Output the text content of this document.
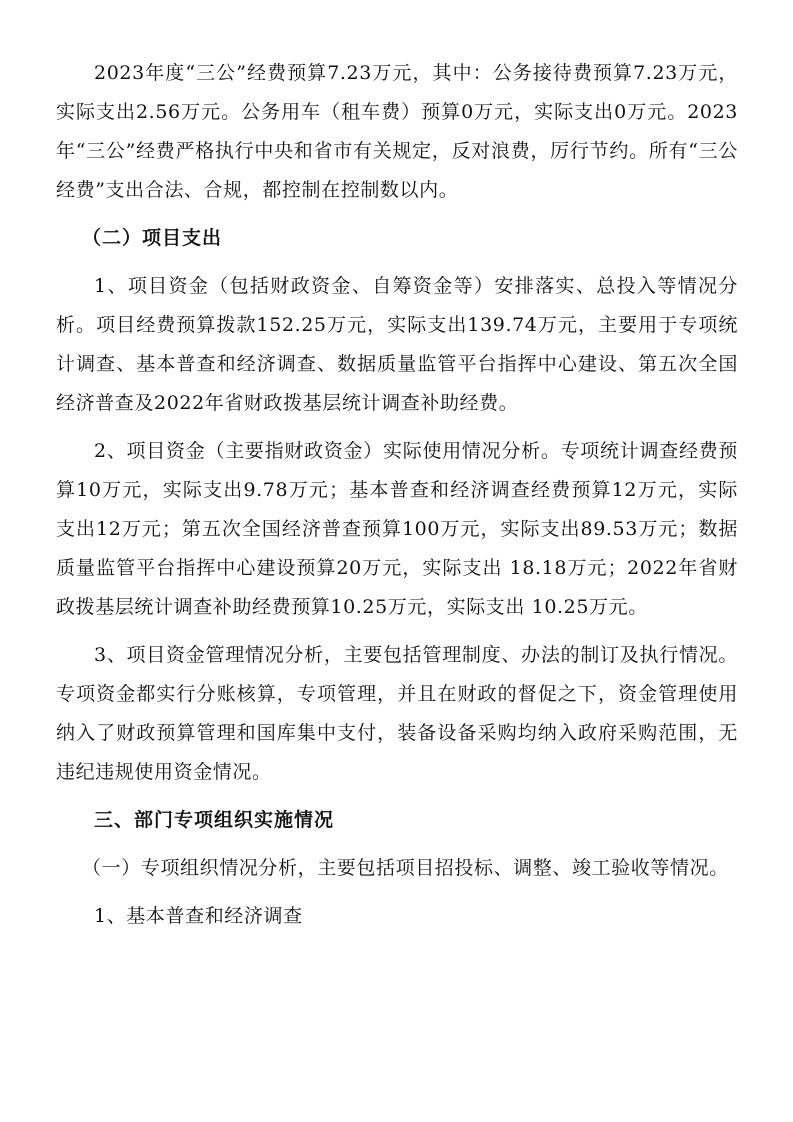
2023年度“三公”经费预算7.23万元，其中：公务接待费预算7.23万元，实际支出2.56万元。公务用车（租车费）预算0万元，实际支出0万元。2023年“三公”经费严格执行中央和省市有关规定，反对浪费，厉行节约。所有“三公经费”支出合法、合规，都控制在控制数以内。

（二）项目支出

1、项目资金（包括财政资金、自筹资金等）安排落实、总投入等情况分析。项目经费预算拨款152.25万元，实际支出139.74万元，主要用于专项统计调查、基本普查和经济调查、数据质量监管平台指挥中心建设、第五次全国经济普查及2022年省财政拨基层统计调查补助经费。

2、项目资金（主要指财政资金）实际使用情况分析。专项统计调查经费预算10万元，实际支出9.78万元；基本普查和经济调查经费预算12万元，实际支出12万元；第五次全国经济普查预算100万元，实际支出89.53万元；数据质量监管平台指挥中心建设预算20万元，实际支出 18.18万元；2022年省财政拨基层统计调查补助经费预算10.25万元，实际支出 10.25万元。

3、项目资金管理情况分析，主要包括管理制度、办法的制订及执行情况。专项资金都实行分账核算，专项管理，并且在财政的督促之下，资金管理使用纳入了财政预算管理和国库集中支付，装备设备采购均纳入政府采购范围，无违纪违规使用资金情况。

三、部门专项组织实施情况

（一）专项组织情况分析，主要包括项目招投标、调整、竣工验收等情况。

1、基本普查和经济调查
